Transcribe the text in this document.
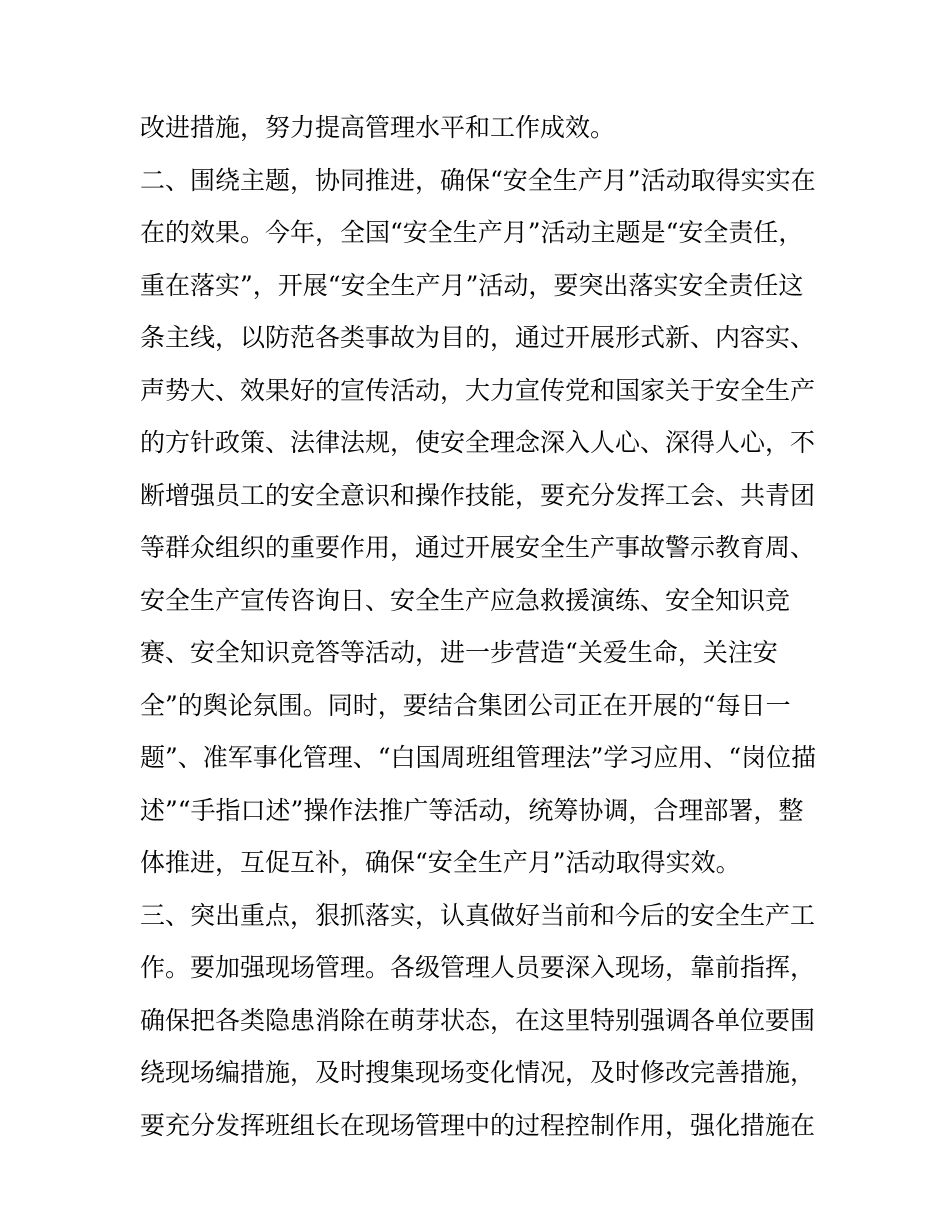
改进措施，努力提高管理水平和工作成效。
二、围绕主题，协同推进，确保“安全生产月”活动取得实实在
在的效果。今年，全国“安全生产月”活动主题是“安全责任，
重在落实”，开展“安全生产月”活动，要突出落实安全责任这
条主线，以防范各类事故为目的，通过开展形式新、内容实、
声势大、效果好的宣传活动，大力宣传党和国家关于安全生产
的方针政策、法律法规，使安全理念深入人心、深得人心，不
断增强员工的安全意识和操作技能，要充分发挥工会、共青团
等群众组织的重要作用，通过开展安全生产事故警示教育周、
安全生产宣传咨询日、安全生产应急救援演练、安全知识竞
赛、安全知识竞答等活动，进一步营造“关爱生命，关注安
全”的舆论氛围。同时，要结合集团公司正在开展的“每日一
题”、准军事化管理、“白国周班组管理法”学习应用、“岗位描
述”“手指口述”操作法推广等活动，统筹协调，合理部署，整
体推进，互促互补，确保“安全生产月”活动取得实效。
三、突出重点，狠抓落实，认真做好当前和今后的安全生产工
作。要加强现场管理。各级管理人员要深入现场，靠前指挥，
确保把各类隐患消除在萌芽状态，在这里特别强调各单位要围
绕现场编措施，及时搜集现场变化情况，及时修改完善措施，
要充分发挥班组长在现场管理中的过程控制作用，强化措施在
